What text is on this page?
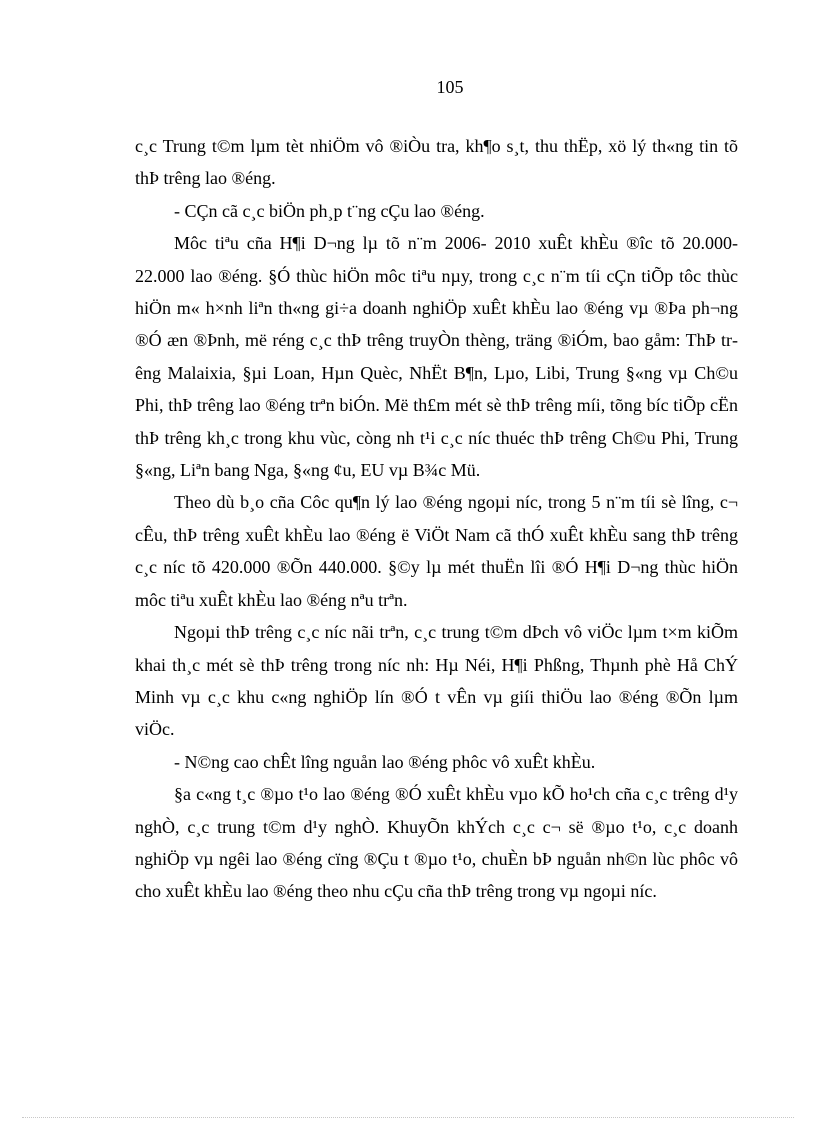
105

c¸c Trung t©m lµm tèt nhiÖm vô ®iÒu tra, kh¶o s¸t, thu thËp, xö lý th«ng tin tõ thÞ trêng lao ®éng.

- CÇn cã c¸c biÖn ph¸p t¨ng cÇu lao ®éng.

Môc tiªu cña H¶i D¬ng lµ tõ n¨m 2006- 2010 xuÊt khÈu ®îc tõ 20.000- 22.000 lao ®éng. §Ó thùc hiÖn môc tiªu nµy, trong c¸c n¨m tíi cÇn tiÕp tôc thùc hiÖn m« h×nh liªn th«ng gi÷a doanh nghiÖp xuÊt khÈu lao ®éng vµ ®Þa ph¬ng ®Ó æn ®Þnh, më réng c¸c thÞ trêng truyÒn thèng, träng ®iÓm, bao gåm: ThÞ trêng Malaixia, §µi Loan, Hµn Quèc, NhËt B¶n, Lµo, Libi, Trung §«ng vµ Ch©u Phi, thÞ trêng lao ®éng trªn biÓn. Më th£m mét sè thÞ trêng míi, tõng bíc tiÕp cËn thÞ trêng kh¸c trong khu vùc, còng nh t¹i c¸c níc thuéc thÞ trêng Ch©u Phi, Trung §«ng, Liªn bang Nga, §«ng ¢u, EU vµ B¾c Mü.

Theo dù b¸o cña Côc qu¶n lý lao ®éng ngoµi níc, trong 5 n¨m tíi sè lîng, c¬ cÊu, thÞ trêng xuÊt khÈu lao ®éng ë ViÖt Nam cã thÓ xuÊt khÈu sang thÞ trêng c¸c níc tõ 420.000 ®Õn 440.000. §©y lµ mét thuËn lîi ®Ó H¶i D¬ng thùc hiÖn môc tiªu xuÊt khÈu lao ®éng nªu trªn.

Ngoµi thÞ trêng c¸c níc nãi trªn, c¸c trung t©m dÞch vô viÖc lµm t×m kiÕm khai th¸c mét sè thÞ trêng trong níc nh: Hµ Néi, H¶i Phßng, Thµnh phè Hå ChÝ Minh vµ c¸c khu c«ng nghiÖp lín ®Ó t vÊn vµ giíi thiÖu lao ®éng ®Õn lµm viÖc.

- N©ng cao chÊt lîng nguån lao ®éng phôc vô xuÊt khÈu.

§a c«ng t¸c ®µo t¹o lao ®éng ®Ó xuÊt khÈu vµo kÕ ho¹ch cña c¸c trêng d¹y nghÒ, c¸c trung t©m d¹y nghÒ. KhuyÕn khÝch c¸c c¬ së ®µo t¹o, c¸c doanh nghiÖp vµ ngêi lao ®éng cïng ®Çu t ®µo t¹o, chuÈn bÞ nguån nh©n lùc phôc vô cho xuÊt khÈu lao ®éng theo nhu cÇu cña thÞ trêng trong vµ ngoµi níc.
